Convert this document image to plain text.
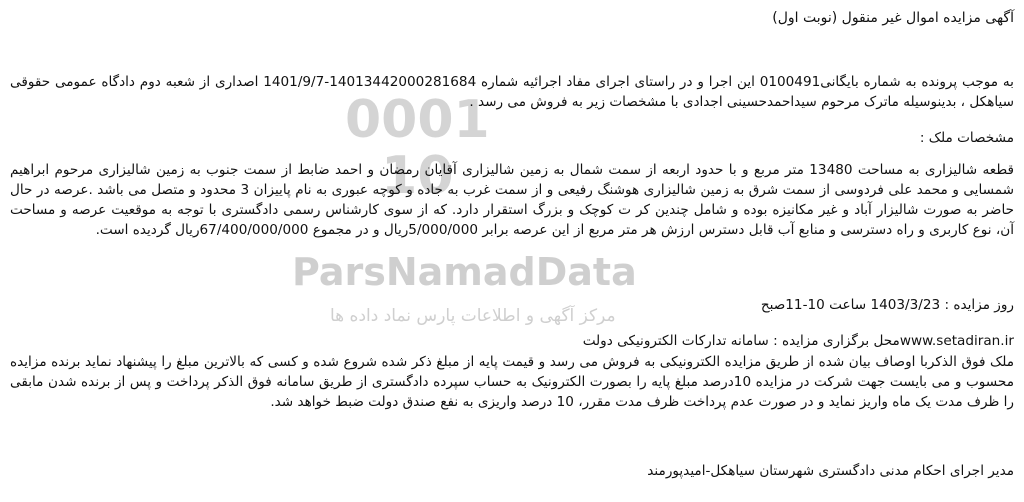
0001
10
ParsNamadData
مرکز آگهی و اطلاعات پارس نماد داده ها

آگهی مزایده اموال غیر منقول (نوبت اول)

به موجب پرونده به شماره بایگانی0100491 این اجرا و در راستای اجرای مفاد اجرائیه شماره 14013442000281684-1401/9/7 اصداری از شعبه دوم دادگاه عمومی حقوقی سیاهکل ، بدینوسیله ماترک مرحوم سیداحمدحسینی اجدادی با مشخصات زیر به فروش می رسد .

مشخصات ملک :

قطعه شالیزاری به مساحت 13480 متر مربع و با حدود اربعه از سمت شمال به زمین شالیزاری آقایان رمضان و احمد ضابط از سمت جنوب به زمین شالیزاری مرحوم ابراهیم شمسایی و محمد علی فردوسی از سمت شرق به زمین شالیزاری هوشنگ رفیعی و از سمت غرب به جاده و کوچه عبوری به نام پاییزان 3 محدود و متصل می باشد .عرصه در حال حاضر به صورت شالیزار آباد و غیر مکانیزه بوده و شامل چندین کر ت کوچک و بزرگ استقرار دارد. که از سوی کارشناس رسمی دادگستری با توجه به موقعیت عرصه و مساحت آن، نوع کاربری و راه دسترسی و منابع آب قابل دسترس ارزش هر متر مربع از این عرصه برابر 5/000/000ریال و در مجموع 67/400/000/000ریال گردیده است.

روز مزایده : 1403/3/23 ساعت 10-11صبح

www.setadiran.irمحل برگزاری مزایده : سامانه تدارکات الکترونیکی دولت

ملک فوق الذکربا اوصاف بیان شده از طریق مزایده الکترونیکی به فروش می رسد و قیمت پایه از مبلغ ذکر شده شروع شده و کسی که بالاترین مبلغ را پیشنهاد نماید برنده مزایده محسوب و می بایست جهت شرکت در مزایده 10درصد مبلغ پایه را بصورت الکترونیک به حساب سپرده دادگستری از طریق سامانه فوق الذکر پرداخت و پس از برنده شدن مابقی را ظرف مدت یک ماه واریز نماید و در صورت عدم پرداخت ظرف مدت مقرر، 10 درصد واریزی به نفع صندق دولت ضبط خواهد شد.

مدیر اجرای احکام مدنی دادگستری شهرستان سیاهکل-امیدپورمند
